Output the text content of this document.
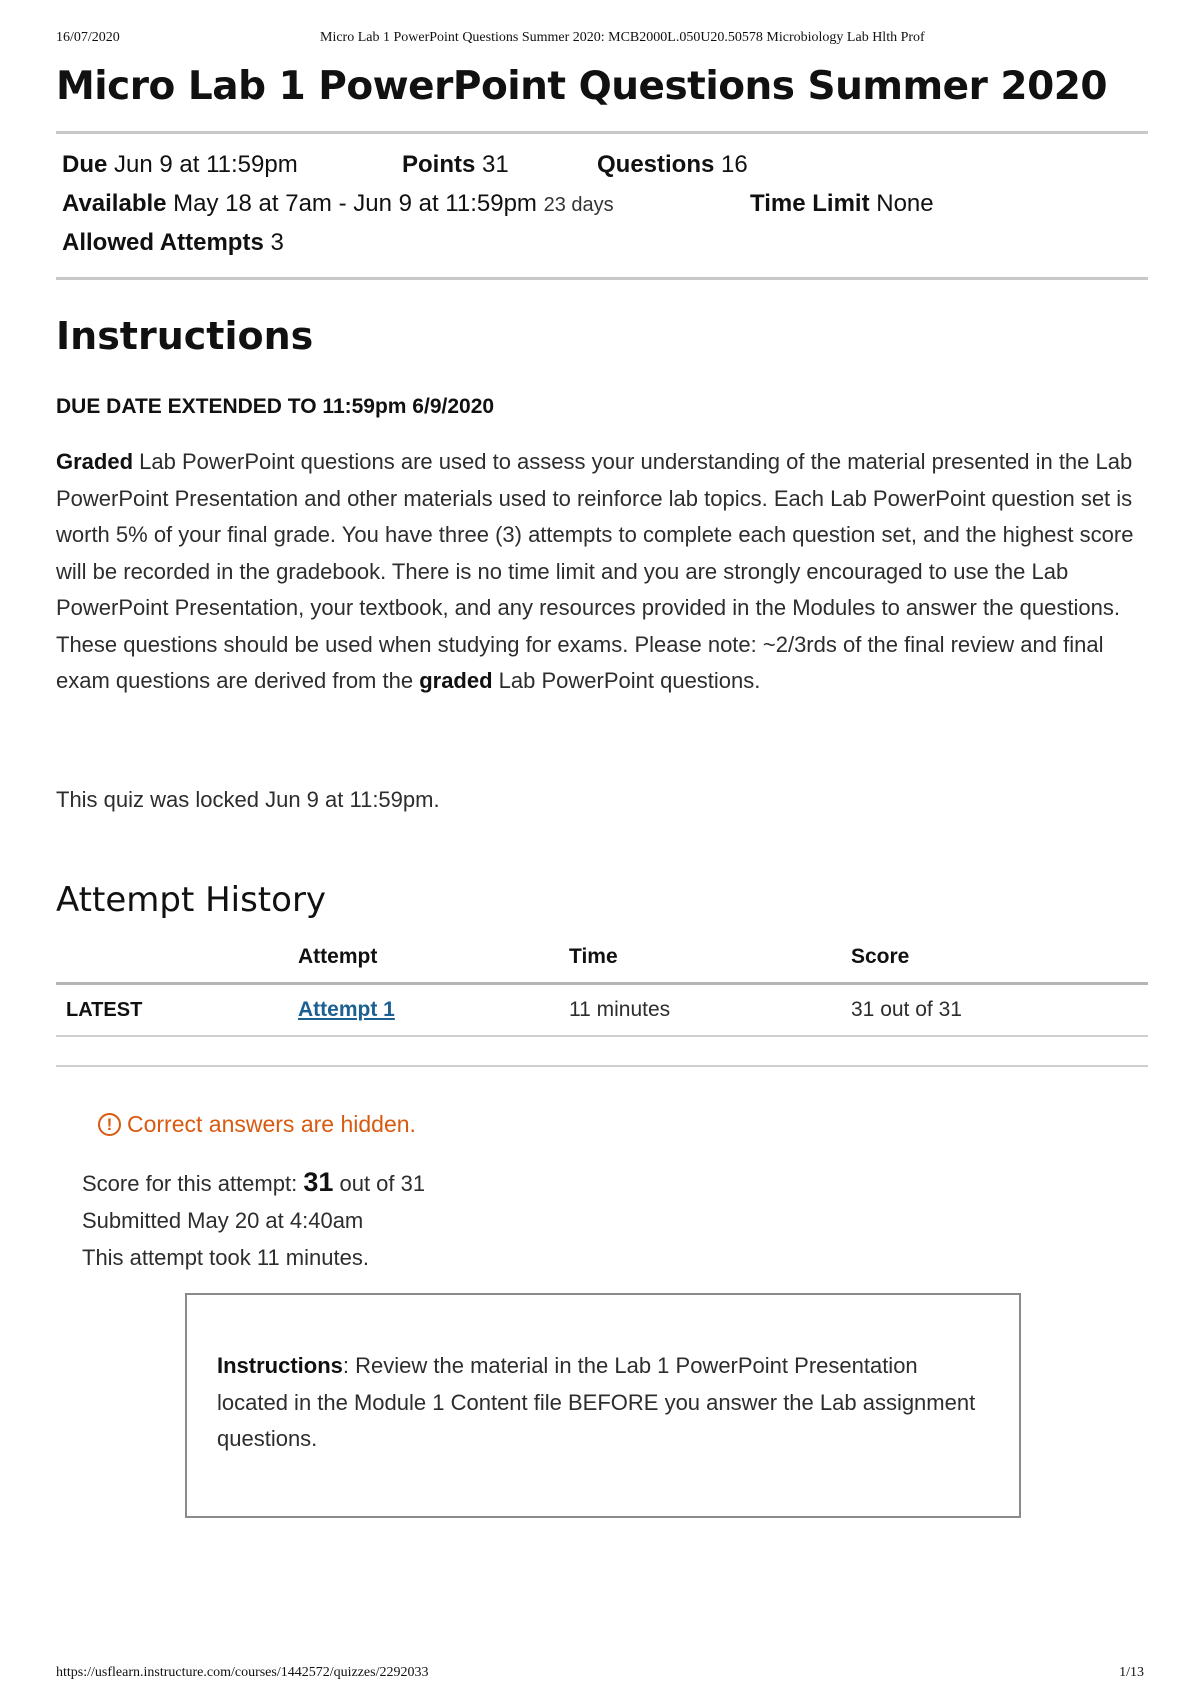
16/07/2020	Micro Lab 1 PowerPoint Questions Summer 2020: MCB2000L.050U20.50578 Microbiology Lab Hlth Prof
Micro Lab 1 PowerPoint Questions Summer 2020
Due Jun 9 at 11:59pm	Points 31	Questions 16
Available May 18 at 7am - Jun 9 at 11:59pm 23 days	Time Limit None
Allowed Attempts 3
Instructions
DUE DATE EXTENDED TO 11:59pm 6/9/2020

Graded Lab PowerPoint questions are used to assess your understanding of the material presented in the Lab PowerPoint Presentation and other materials used to reinforce lab topics. Each Lab PowerPoint question set is worth 5% of your final grade. You have three (3) attempts to complete each question set, and the highest score will be recorded in the gradebook. There is no time limit and you are strongly encouraged to use the Lab PowerPoint Presentation, your textbook, and any resources provided in the Modules to answer the questions. These questions should be used when studying for exams. Please note: ~2/3rds of the final review and final exam questions are derived from the graded Lab PowerPoint questions.

This quiz was locked Jun 9 at 11:59pm.
Attempt History
	Attempt	Time	Score
LATEST	Attempt 1	11 minutes	31 out of 31
! Correct answers are hidden.
Score for this attempt: 31 out of 31
Submitted May 20 at 4:40am
This attempt took 11 minutes.

Instructions: Review the material in the Lab 1 PowerPoint Presentation located in the Module 1 Content file BEFORE you answer the Lab assignment questions.

https://usflearn.instructure.com/courses/1442572/quizzes/2292033	1/13
